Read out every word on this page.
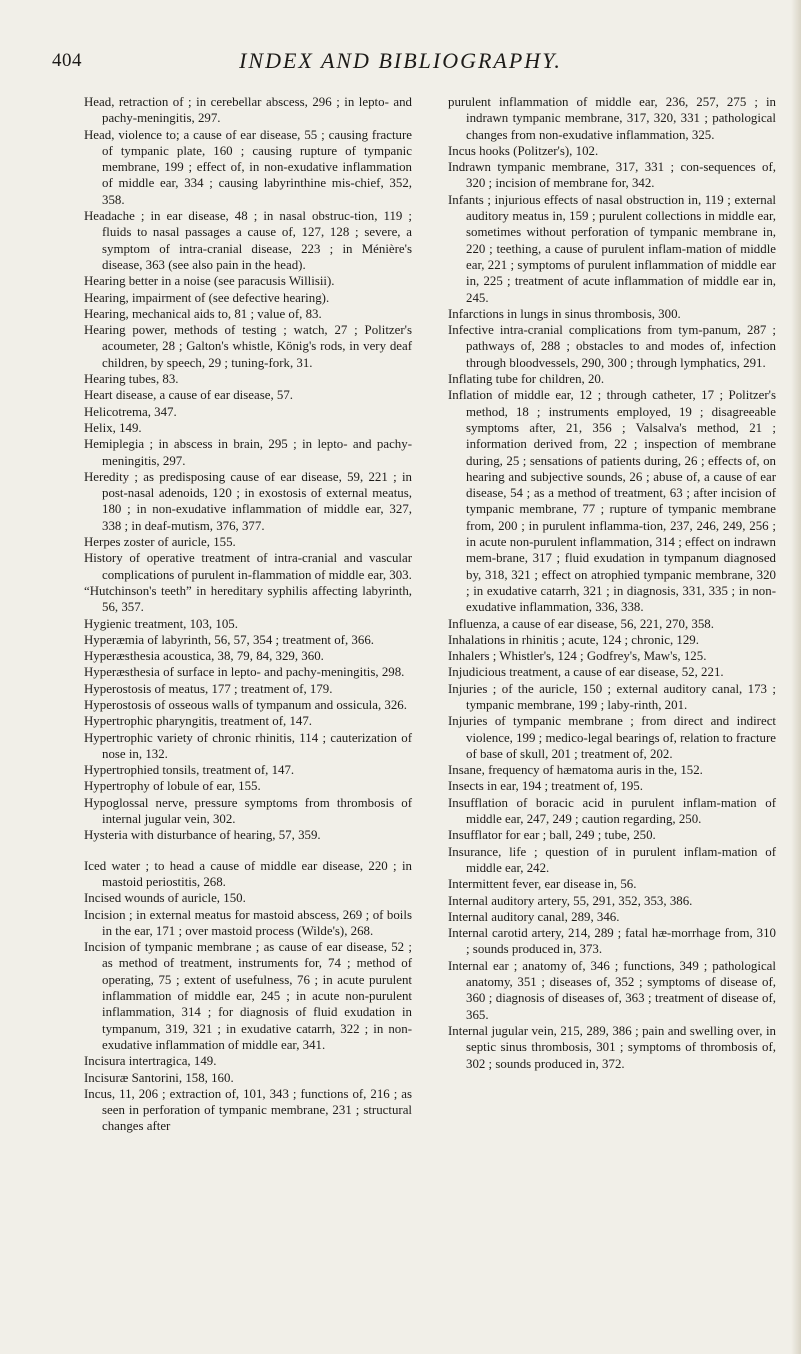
404	INDEX AND BIBLIOGRAPHY.

Head, retraction of ; in cerebellar abscess, 296 ; in lepto- and pachy-meningitis, 297.

Head, violence to; a cause of ear disease, 55 ; causing fracture of tympanic plate, 160 ; causing rupture of tympanic membrane, 199 ; effect of, in non-exudative inflammation of middle ear, 334 ; causing labyrinthine mis-chief, 352, 358.

Headache ; in ear disease, 48 ; in nasal obstruc-tion, 119 ; fluids to nasal passages a cause of, 127, 128 ; severe, a symptom of intra-cranial disease, 223 ; in Ménière's disease, 363 (see also pain in the head).

Hearing better in a noise (see paracusis Willisii).

Hearing, impairment of (see defective hearing).

Hearing, mechanical aids to, 81 ; value of, 83.

Hearing power, methods of testing ; watch, 27 ; Politzer's acoumeter, 28 ; Galton's whistle, König's rods, in very deaf children, by speech, 29 ; tuning-fork, 31.

Hearing tubes, 83.

Heart disease, a cause of ear disease, 57.

Helicotrema, 347.

Helix, 149.

Hemiplegia ; in abscess in brain, 295 ; in lepto- and pachy-meningitis, 297.

Heredity ; as predisposing cause of ear disease, 59, 221 ; in post-nasal adenoids, 120 ; in exostosis of external meatus, 180 ; in non-exudative inflammation of middle ear, 327, 338 ; in deaf-mutism, 376, 377.

Herpes zoster of auricle, 155.

History of operative treatment of intra-cranial and vascular complications of purulent in-flammation of middle ear, 303.

“Hutchinson's teeth” in hereditary syphilis affecting labyrinth, 56, 357.

Hygienic treatment, 103, 105.

Hyperæmia of labyrinth, 56, 57, 354 ; treatment of, 366.

Hyperæsthesia acoustica, 38, 79, 84, 329, 360.

Hyperæsthesia of surface in lepto- and pachy-meningitis, 298.

Hyperostosis of meatus, 177 ; treatment of, 179.

Hyperostosis of osseous walls of tympanum and ossicula, 326.

Hypertrophic pharyngitis, treatment of, 147.

Hypertrophic variety of chronic rhinitis, 114 ; cauterization of nose in, 132.

Hypertrophied tonsils, treatment of, 147.

Hypertrophy of lobule of ear, 155.

Hypoglossal nerve, pressure symptoms from thrombosis of internal jugular vein, 302.

Hysteria with disturbance of hearing, 57, 359.

Iced water ; to head a cause of middle ear disease, 220 ; in mastoid periostitis, 268.

Incised wounds of auricle, 150.

Incision ; in external meatus for mastoid abscess, 269 ; of boils in the ear, 171 ; over mastoid process (Wilde's), 268.

Incision of tympanic membrane ; as cause of ear disease, 52 ; as method of treatment, instruments for, 74 ; method of operating, 75 ; extent of usefulness, 76 ; in acute purulent inflammation of middle ear, 245 ; in acute non-purulent inflammation, 314 ; for diagnosis of fluid exudation in tympanum, 319, 321 ; in exudative catarrh, 322 ; in non-exudative inflammation of middle ear, 341.

Incisura intertragica, 149.

Incisuræ Santorini, 158, 160.

Incus, 11, 206 ; extraction of, 101, 343 ; functions of, 216 ; as seen in perforation of tympanic membrane, 231 ; structural changes after

purulent inflammation of middle ear, 236, 257, 275 ; in indrawn tympanic membrane, 317, 320, 331 ; pathological changes from non-exudative inflammation, 325.

Incus hooks (Politzer's), 102.

Indrawn tympanic membrane, 317, 331 ; con-sequences of, 320 ; incision of membrane for, 342.

Infants ; injurious effects of nasal obstruction in, 119 ; external auditory meatus in, 159 ; purulent collections in middle ear, sometimes without perforation of tympanic membrane in, 220 ; teething, a cause of purulent inflam-mation of middle ear, 221 ; symptoms of purulent inflammation of middle ear in, 225 ; treatment of acute inflammation of middle ear in, 245.

Infarctions in lungs in sinus thrombosis, 300.

Infective intra-cranial complications from tym-panum, 287 ; pathways of, 288 ; obstacles to and modes of, infection through bloodvessels, 290, 300 ; through lymphatics, 291.

Inflating tube for children, 20.

Inflation of middle ear, 12 ; through catheter, 17 ; Politzer's method, 18 ; instruments employed, 19 ; disagreeable symptoms after, 21, 356 ; Valsalva's method, 21 ; information derived from, 22 ; inspection of membrane during, 25 ; sensations of patients during, 26 ; effects of, on hearing and subjective sounds, 26 ; abuse of, a cause of ear disease, 54 ; as a method of treatment, 63 ; after incision of tympanic membrane, 77 ; rupture of tympanic membrane from, 200 ; in purulent inflamma-tion, 237, 246, 249, 256 ; in acute non-purulent inflammation, 314 ; effect on indrawn mem-brane, 317 ; fluid exudation in tympanum diagnosed by, 318, 321 ; effect on atrophied tympanic membrane, 320 ; in exudative catarrh, 321 ; in diagnosis, 331, 335 ; in non-exudative inflammation, 336, 338.

Influenza, a cause of ear disease, 56, 221, 270, 358.

Inhalations in rhinitis ; acute, 124 ; chronic, 129.

Inhalers ; Whistler's, 124 ; Godfrey's, Maw's, 125.

Injudicious treatment, a cause of ear disease, 52, 221.

Injuries ; of the auricle, 150 ; external auditory canal, 173 ; tympanic membrane, 199 ; laby-rinth, 201.

Injuries of tympanic membrane ; from direct and indirect violence, 199 ; medico-legal bearings of, relation to fracture of base of skull, 201 ; treatment of, 202.

Insane, frequency of hæmatoma auris in the, 152.

Insects in ear, 194 ; treatment of, 195.

Insufflation of boracic acid in purulent inflam-mation of middle ear, 247, 249 ; caution regarding, 250.

Insufflator for ear ; ball, 249 ; tube, 250.

Insurance, life ; question of in purulent inflam-mation of middle ear, 242.

Intermittent fever, ear disease in, 56.

Internal auditory artery, 55, 291, 352, 353, 386.

Internal auditory canal, 289, 346.

Internal carotid artery, 214, 289 ; fatal hæ-morrhage from, 310 ; sounds produced in, 373.

Internal ear ; anatomy of, 346 ; functions, 349 ; pathological anatomy, 351 ; diseases of, 352 ; symptoms of disease of, 360 ; diagnosis of diseases of, 363 ; treatment of disease of, 365.

Internal jugular vein, 215, 289, 386 ; pain and swelling over, in septic sinus thrombosis, 301 ; symptoms of thrombosis of, 302 ; sounds produced in, 372.
